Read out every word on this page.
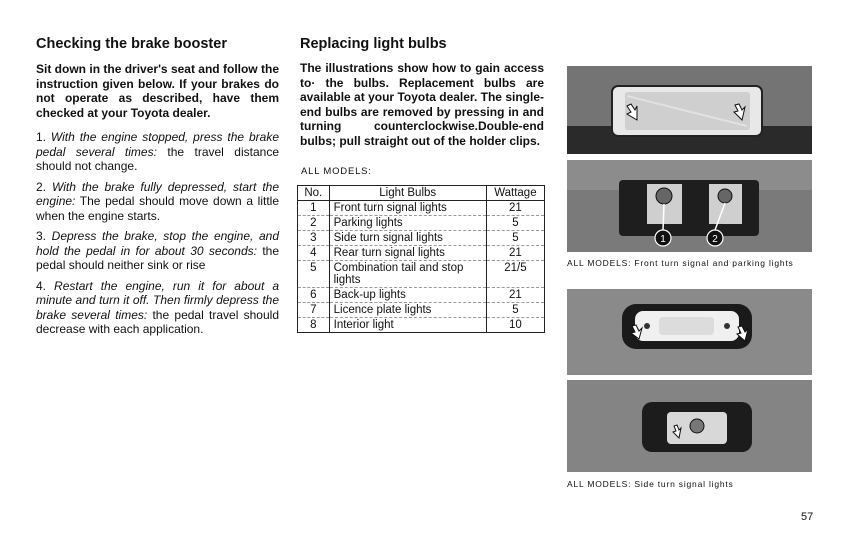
Checking the brake booster
Sit down in the driver's seat and follow the instruction given below. If your brakes do not operate as described, have them checked at your Toyota dealer.

1. With the engine stopped, press the brake pedal several times: the travel distance should not change.

2. With the brake fully depressed, start the engine: The pedal should move down a little when the engine starts.

3. Depress the brake, stop the engine, and hold the pedal in for about 30 seconds: the pedal should neither sink or rise

4. Restart the engine, run it for about a minute and turn it off. Then firmly depress the brake several times: the pedal travel should decrease with each application.

Replacing light bulbs
The illustrations show how to gain access to· the bulbs. Replacement bulbs are available at your Toyota dealer. The single-end bulbs are removed by pressing in and turning counterclockwise.Double-end bulbs; pull straight out of the holder clips.
ALL MODELS:
No.	Light Bulbs	Wattage
1	Front turn signal lights	21
2	Parking lights	5
3	Side turn signal lights	5
4	Rear turn signal lights	21
5	Combination tail and stop lights	21/5
6	Back-up lights	21
7	Licence plate lights	5
8	Interior light	10
1	2
ALL MODELS: Front turn signal and parking lights
ALL MODELS: Side turn signal lights
57
